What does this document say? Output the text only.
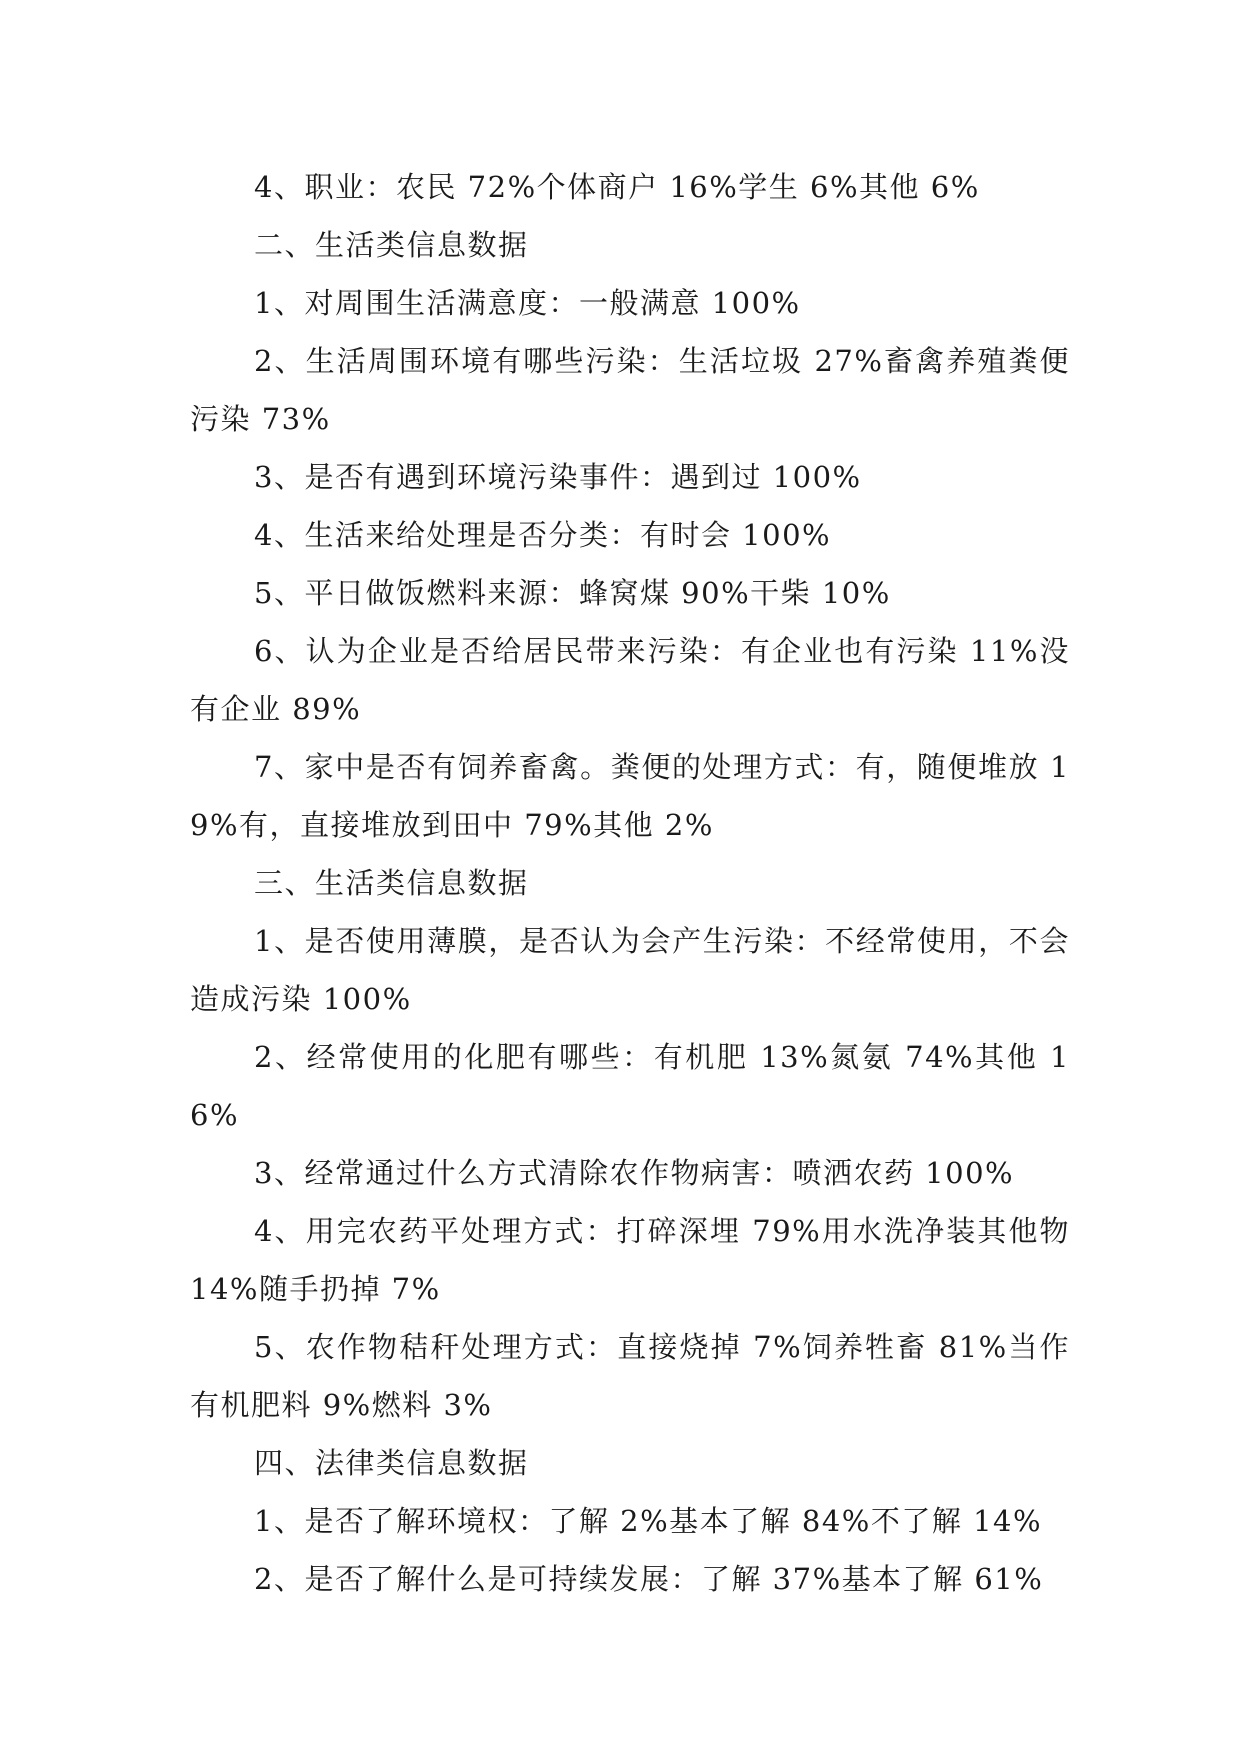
4、职业：农民 72%个体商户 16%学生 6%其他 6%

二、生活类信息数据

1、对周围生活满意度：一般满意 100%

2、生活周围环境有哪些污染：生活垃圾 27%畜禽养殖粪便污染 73%

3、是否有遇到环境污染事件：遇到过 100%

4、生活来给处理是否分类：有时会 100%

5、平日做饭燃料来源：蜂窝煤 90%干柴 10%

6、认为企业是否给居民带来污染：有企业也有污染 11%没有企业 89%

7、家中是否有饲养畜禽。粪便的处理方式：有，随便堆放 19%有，直接堆放到田中 79%其他 2%

三、生活类信息数据

1、是否使用薄膜，是否认为会产生污染：不经常使用，不会造成污染 100%

2、经常使用的化肥有哪些：有机肥 13%氮氨 74%其他 16%

3、经常通过什么方式清除农作物病害：喷洒农药 100%

4、用完农药平处理方式：打碎深埋 79%用水洗净装其他物 14%随手扔掉 7%

5、农作物秸秆处理方式：直接烧掉 7%饲养牲畜 81%当作有机肥料 9%燃料 3%

四、法律类信息数据

1、是否了解环境权：了解 2%基本了解 84%不了解 14%

2、是否了解什么是可持续发展：了解 37%基本了解 61%
